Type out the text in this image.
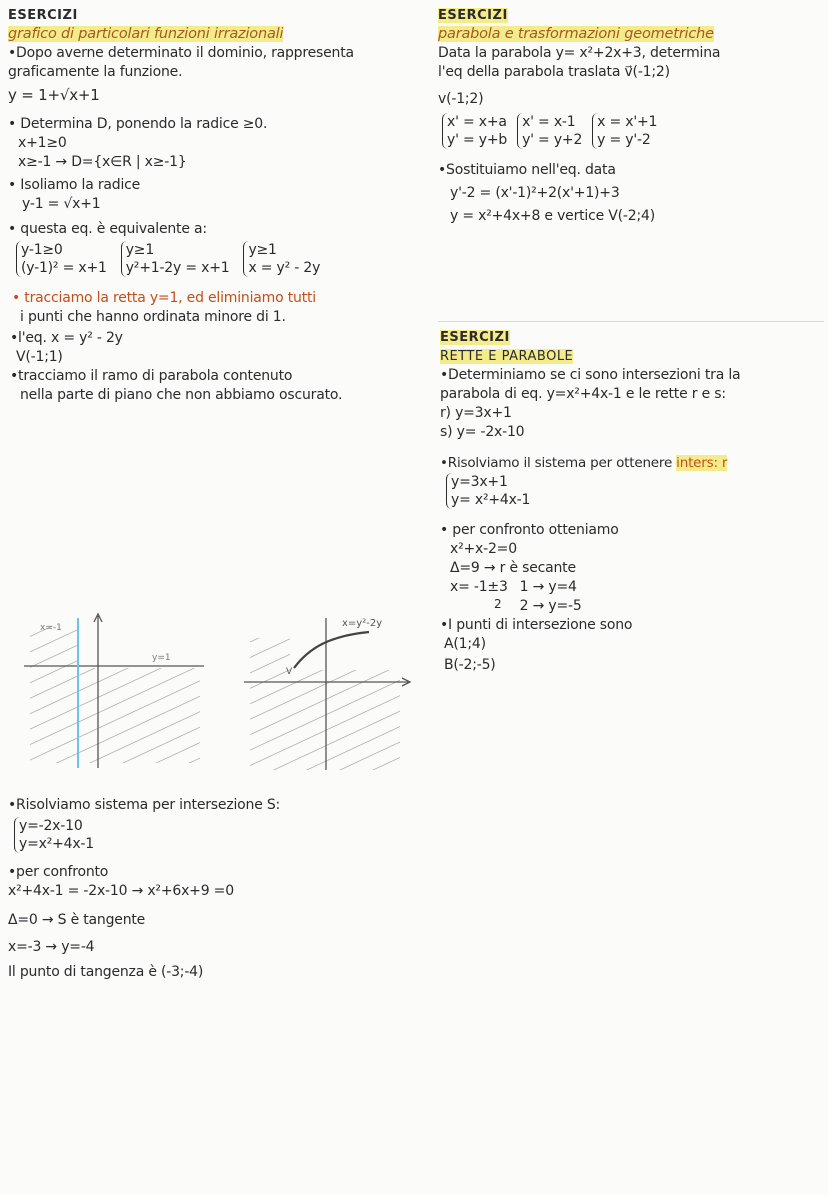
ESERCIZI
grafico di particolari funzioni irrazionali
•Dopo averne determinato il dominio, rappresenta
graficamente la funzione.
y = 1+√x+1
• Determina D, ponendo la radice ≥0.
x+1≥0
x≥-1 → D={x∈R | x≥-1}
• Isoliamo la radice
y-1 = √x+1
• questa eq. è equivalente a:
y-1≥0
(y-1)² = x+1
y≥1
y²+1-2y = x+1
y≥1
x = y² - 2y
• tracciamo la retta y=1, ed eliminiamo tutti
i punti che hanno ordinata minore di 1.
•l'eq. x = y² - 2y
V(-1;1)
•tracciamo il ramo di parabola contenuto
nella parte di piano che non abbiamo oscurato.
x=-1
y=1
V
x=y²-2y
•Risolviamo sistema per intersezione S:
y=-2x-10
y=x²+4x-1
•per confronto
x²+4x-1 = -2x-10 → x²+6x+9 =0
Δ=0 → S è tangente
x=-3 → y=-4
Il punto di tangenza è (-3;-4)
ESERCIZI
parabola e trasformazioni geometriche
Data la parabola y= x²+2x+3, determina
l'eq della parabola traslata v⃗(-1;2)
v(-1;2)
x' = x+a
y' = y+b
x' = x-1
y' = y+2
x = x'+1
y = y'-2
•Sostituiamo nell'eq. data
y'-2 = (x'-1)²+2(x'+1)+3
y = x²+4x+8 e vertice V(-2;4)
ESERCIZI
RETTE E PARABOLE
•Determiniamo se ci sono intersezioni tra la
parabola di eq. y=x²+4x-1 e le rette r e s:
r) y=3x+1
s) y= -2x-10
•Risolviamo il sistema per ottenere inters: r
y=3x+1
y= x²+4x-1
• per confronto otteniamo
x²+x-2=0
Δ=9 → r è secante
x= -1±3
2
1 → y=4
2 → y=-5
•I punti di intersezione sono
A(1;4)
B(-2;-5)
